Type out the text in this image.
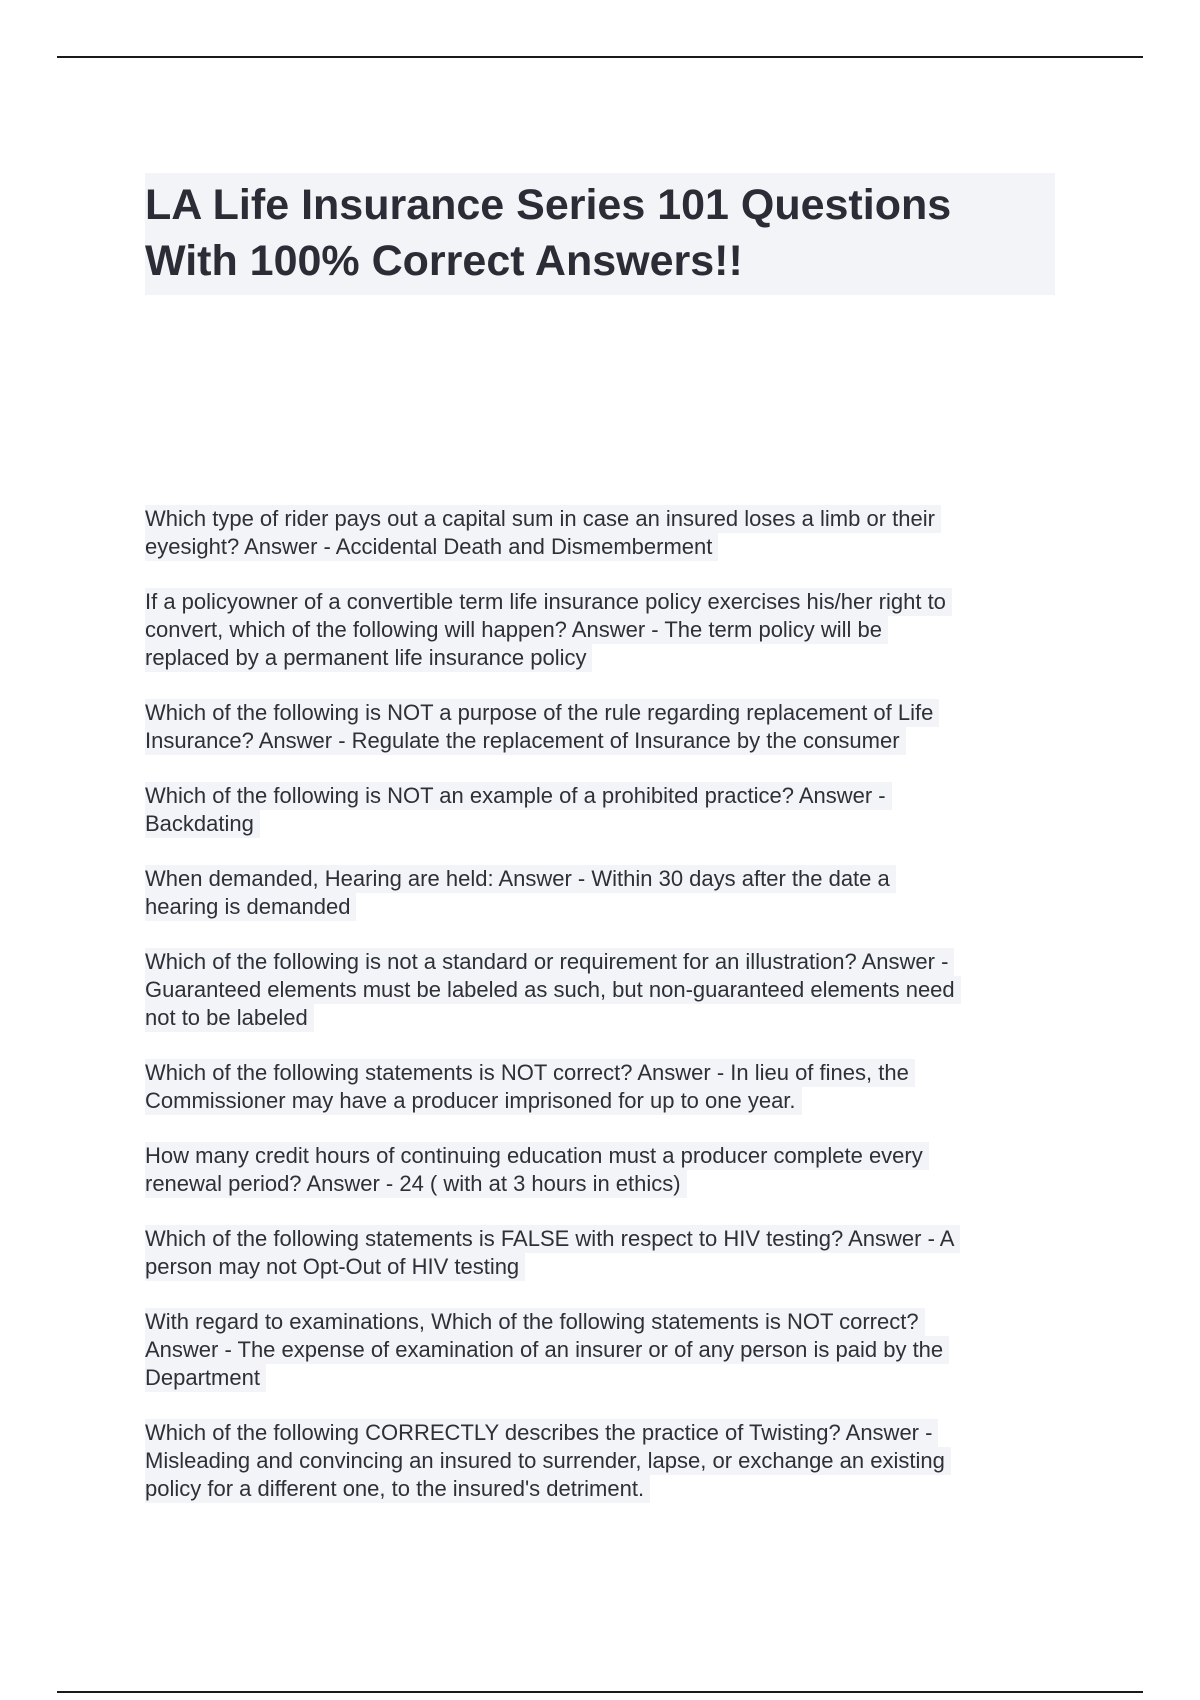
LA Life Insurance Series 101 Questions
With 100% Correct Answers!!
Which type of rider pays out a capital sum in case an insured loses a limb or their
eyesight? Answer - Accidental Death and Dismemberment
If a policyowner of a convertible term life insurance policy exercises his/her right to
convert, which of the following will happen? Answer - The term policy will be
replaced by a permanent life insurance policy
Which of the following is NOT a purpose of the rule regarding replacement of Life
Insurance? Answer - Regulate the replacement of Insurance by the consumer
Which of the following is NOT an example of a prohibited practice? Answer -
Backdating
When demanded, Hearing are held: Answer - Within 30 days after the date a
hearing is demanded
Which of the following is not a standard or requirement for an illustration? Answer -
Guaranteed elements must be labeled as such, but non-guaranteed elements need
not to be labeled
Which of the following statements is NOT correct? Answer - In lieu of fines, the
Commissioner may have a producer imprisoned for up to one year.
How many credit hours of continuing education must a producer complete every
renewal period? Answer - 24 ( with at 3 hours in ethics)
Which of the following statements is FALSE with respect to HIV testing? Answer - A
person may not Opt-Out of HIV testing
With regard to examinations, Which of the following statements is NOT correct?
Answer - The expense of examination of an insurer or of any person is paid by the
Department
Which of the following CORRECTLY describes the practice of Twisting? Answer -
Misleading and convincing an insured to surrender, lapse, or exchange an existing
policy for a different one, to the insured's detriment.
